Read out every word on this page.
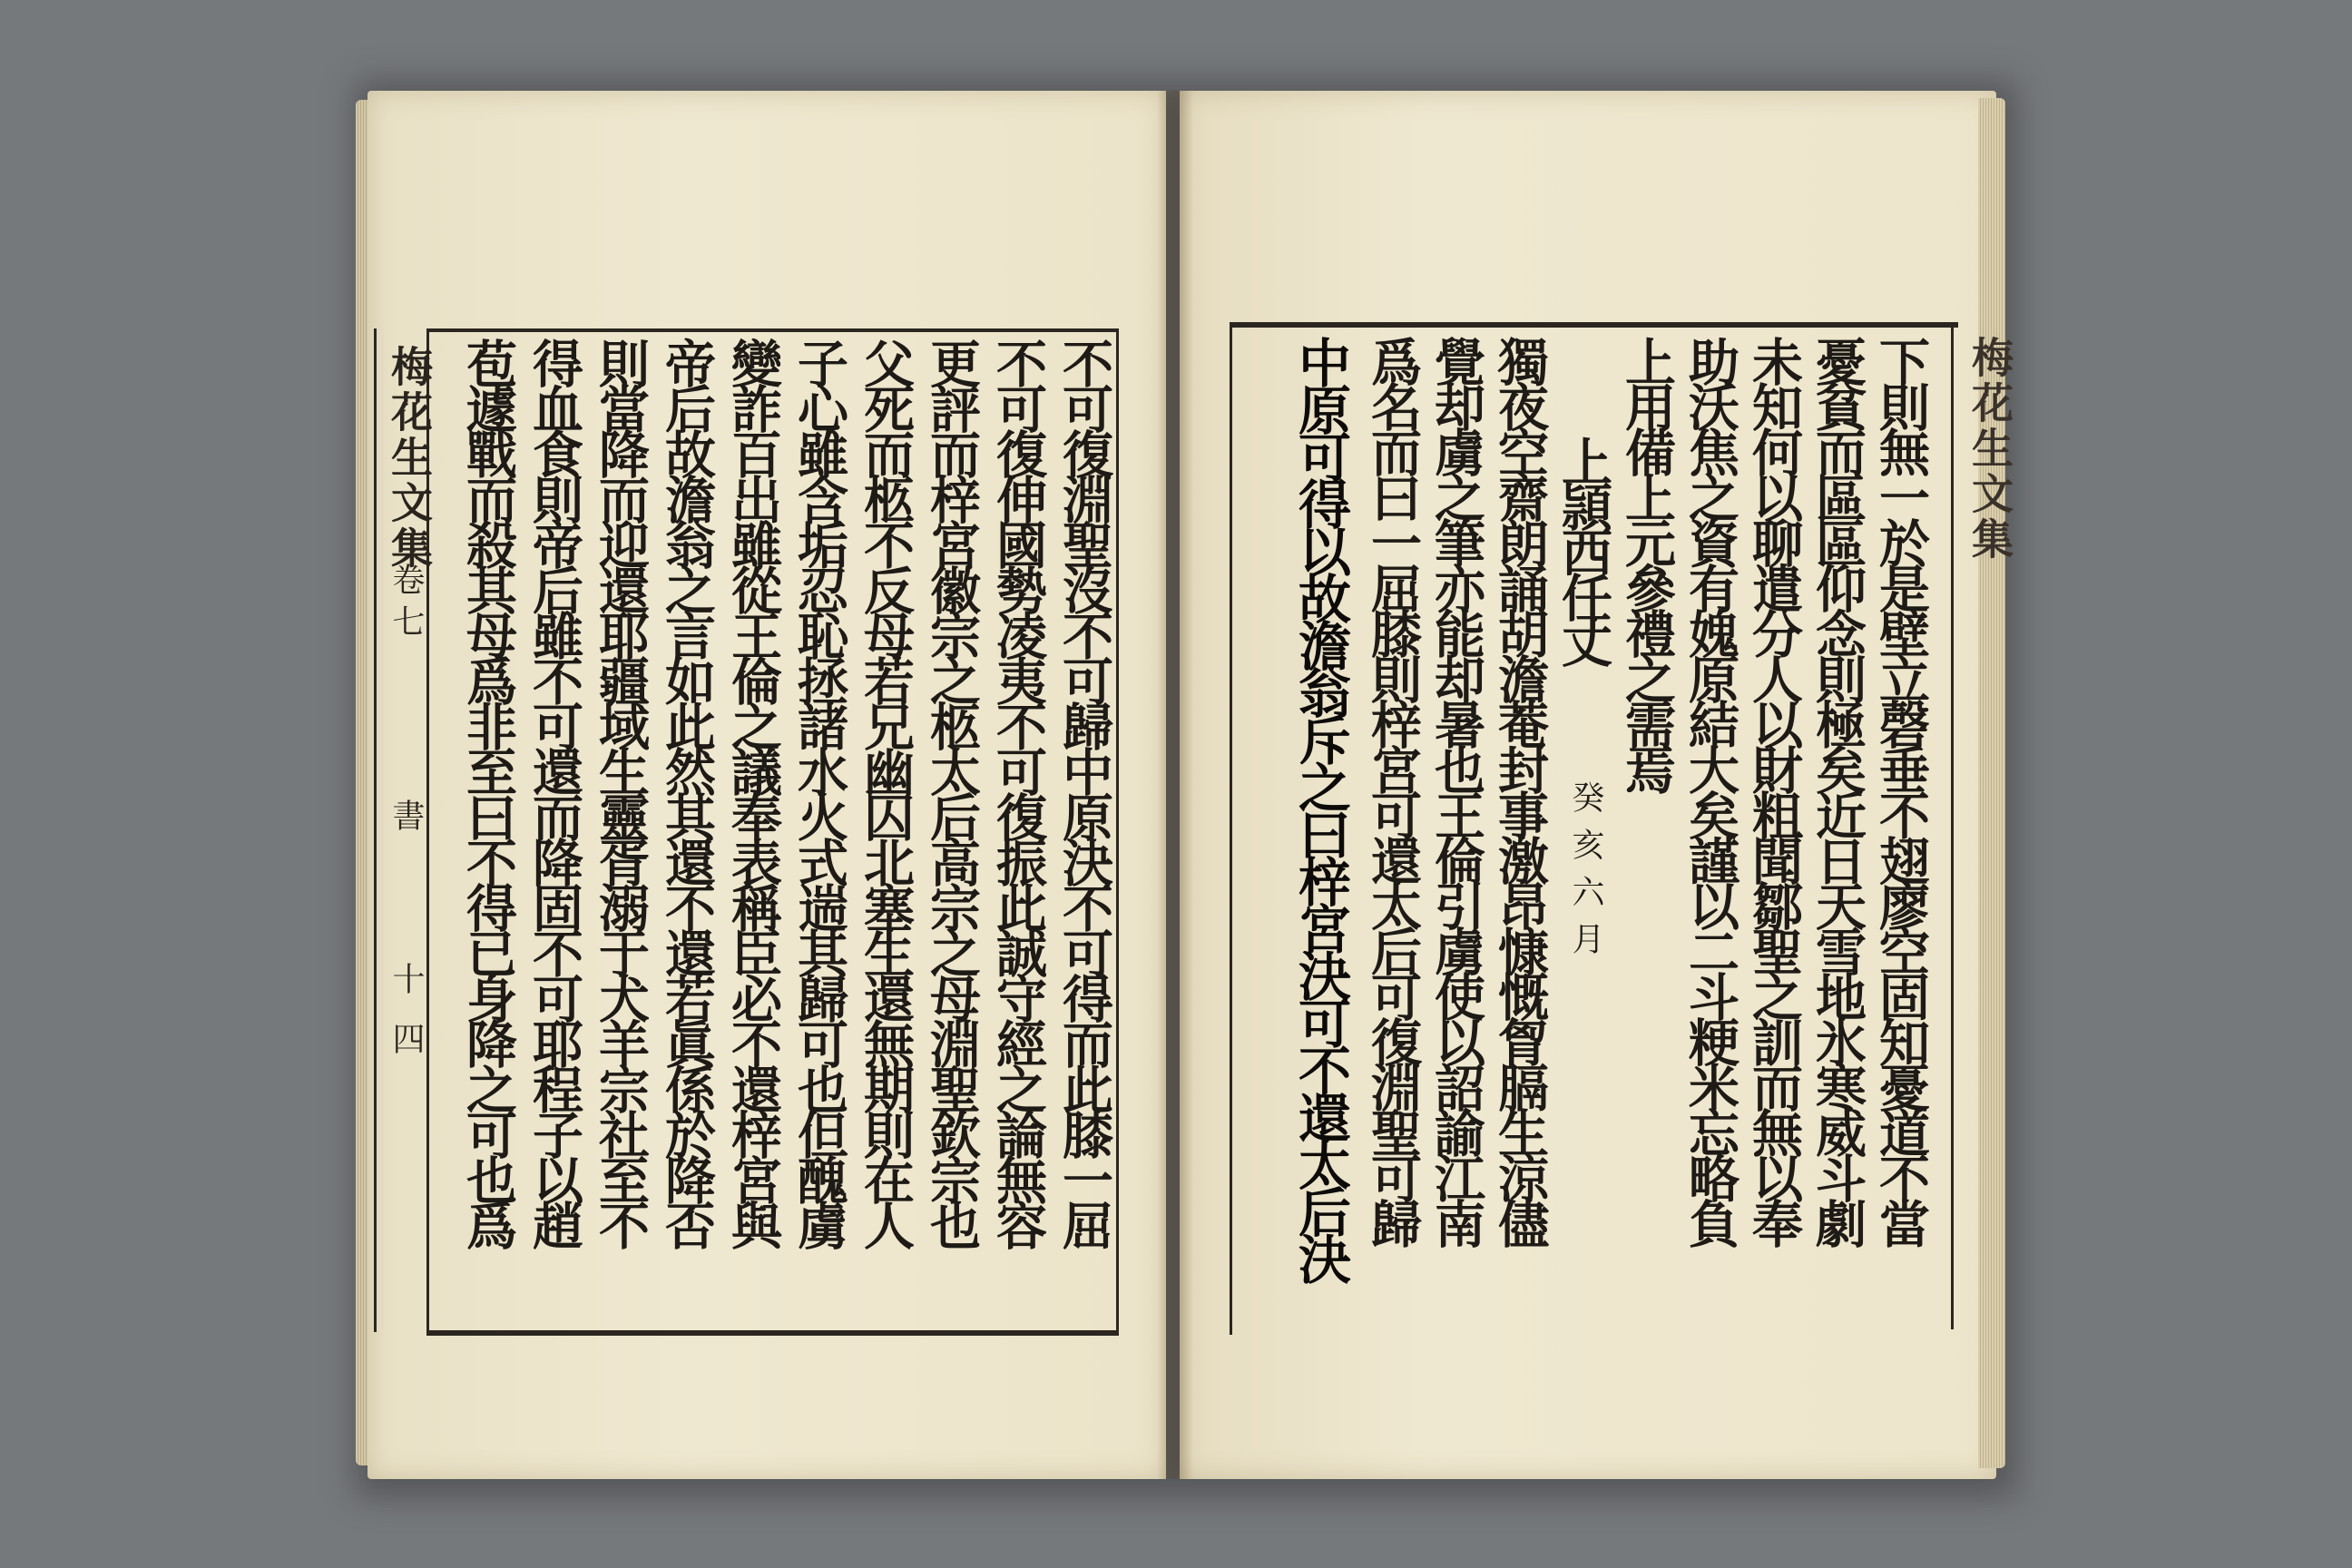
梅花生文集
卷七
書
十四	不可復淵聖沒不可歸中原決不可得而此膝一屈
不可復伸國勢凌夷不可復振此誠守經之論無容
更評而梓宮徽宗之柩太后高宗之母淵聖欽宗也
父死而柩不反母若兄幽囚北塞生還無期則在人
子心雖含垢忍恥拯諸水火式遄其歸可也但醜虜
變詐百出雖從王倫之議奉表稱臣必不還梓宮與
帝后故澹翁之言如此然其還不還若眞係於降否
則當降而迎還耶疆域生靈胥溺于犬羊宗社至不
得血食則帝后雖不可還而降固不可耶程子以趙
苞遽戰而殺其母爲非至曰不得已身降之可也爲	梅花生文集
下則無一於是壁立磬垂不翅廖空固知憂道不當
憂貧而區區仰念則極矣近日天雪地氷寒威斗劇
未知何以聊遣分人以財粗聞鄒聖之訓而無以奉
助沃焦之資有媿原結大矣謹以二斗粳米忘略負
上用備上元參禮之需焉
上頴西任丈
癸亥六月
獨夜空齋朗誦胡澹菴封事激昂慷慨胷膈生涼儘
覺却虜之筆亦能却暑也王倫引虜使以詔諭江南
爲名而曰一屈膝則梓宮可還太后可復淵聖可歸
中原可得以故澹翁斥之曰梓宮決可不還太后決
